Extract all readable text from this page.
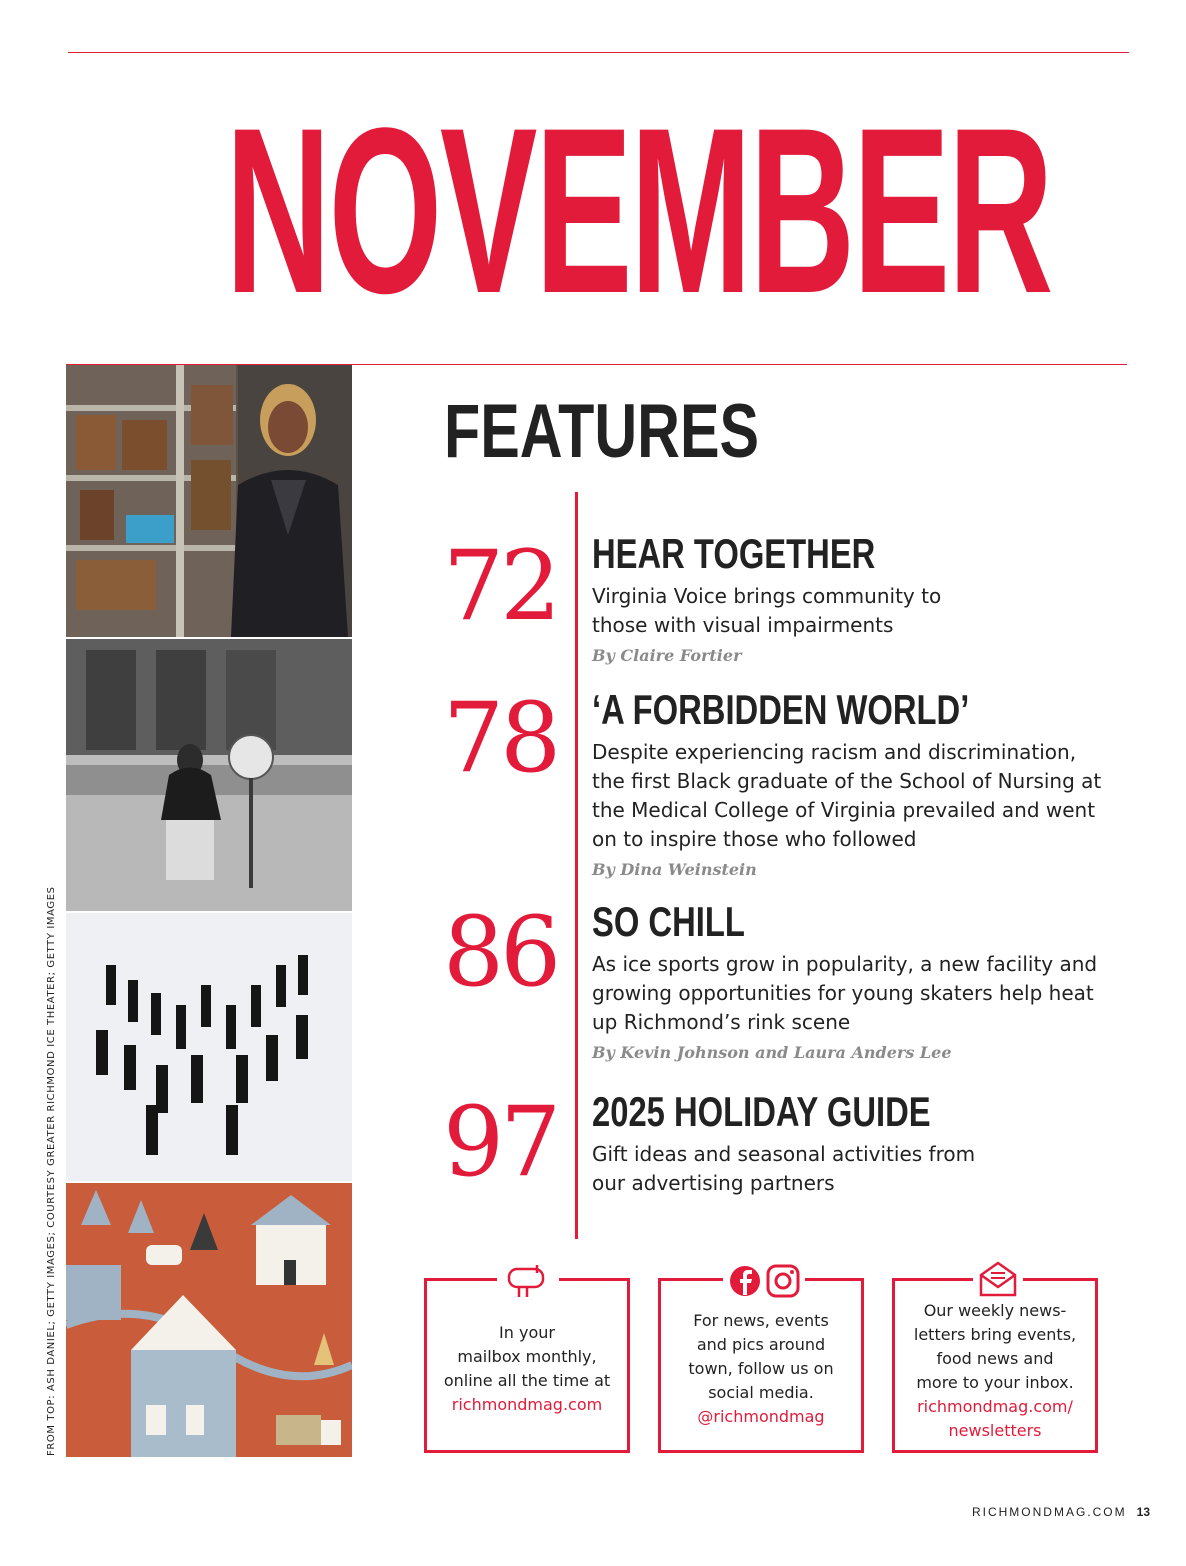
NOVEMBER
FROM TOP: ASH DANIEL; GETTY IMAGES; COURTESY GREATER RICHMOND ICE THEATER; GETTY IMAGES
FEATURES
72 HEAR TOGETHER

Virginia Voice brings community to those with visual impairments

By Claire Fortier
78 ‘A FORBIDDEN WORLD’

Despite experiencing racism and discrimination, the first Black graduate of the School of Nursing at the Medical College of Virginia prevailed and went on to inspire those who followed

By Dina Weinstein
86 SO CHILL

As ice sports grow in popularity, a new facility and growing opportunities for young skaters help heat up Richmond’s rink scene

By Kevin Johnson and Laura Anders Lee
97 2025 HOLIDAY GUIDE

Gift ideas and seasonal activities from our advertising partners

In your
mailbox monthly,
online all the time at
richmondmag.com
For news, events
and pics around
town, follow us on
social media.
@richmondmag
Our weekly news-
letters bring events,
food news and
more to your inbox.
richmondmag.com/
newsletters
RICHMONDMAG.COM 13
